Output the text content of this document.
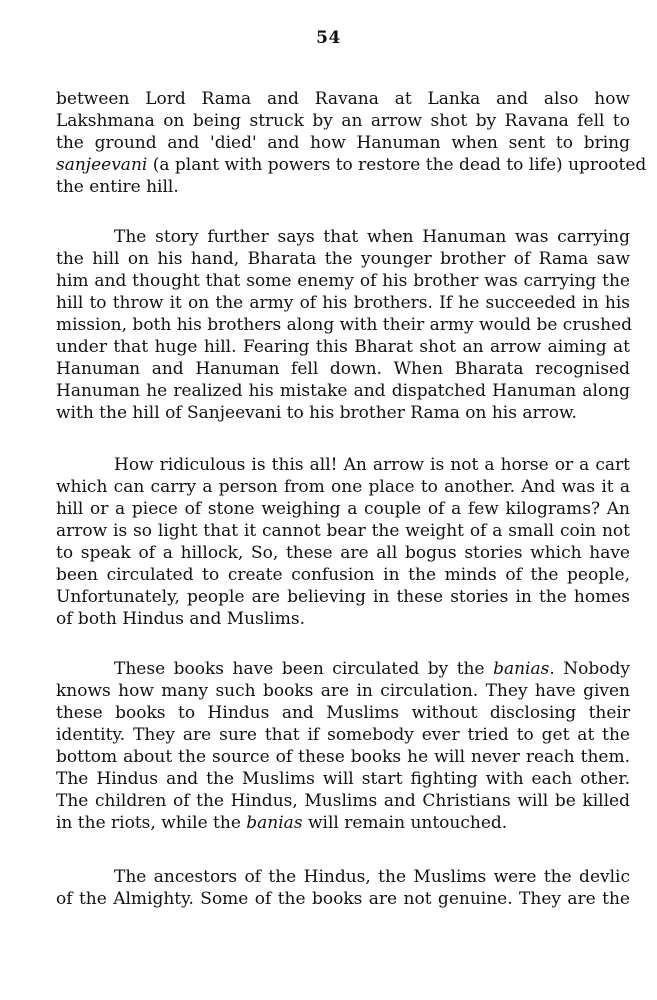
54
between Lord Rama and Ravana at Lanka and also how
Lakshmana on being struck by an arrow shot by Ravana fell to
the ground and 'died' and how Hanuman when sent to bring
sanjeevani (a plant with powers to restore the dead to life) uprooted
the entire hill.
The story further says that when Hanuman was carrying
the hill on his hand, Bharata the younger brother of Rama saw
him and thought that some enemy of his brother was carrying the
hill to throw it on the army of his brothers. If he succeeded in his
mission, both his brothers along with their army would be crushed
under that huge hill. Fearing this Bharat shot an arrow aiming at
Hanuman and Hanuman fell down. When Bharata recognised
Hanuman he realized his mistake and dispatched Hanuman along
with the hill of Sanjeevani to his brother Rama on his arrow.
How ridiculous is this all! An arrow is not a horse or a cart
which can carry a person from one place to another. And was it a
hill or a piece of stone weighing a couple of a few kilograms? An
arrow is so light that it cannot bear the weight of a small coin not
to speak of a hillock, So, these are all bogus stories which have
been circulated to create confusion in the minds of the people,
Unfortunately, people are believing in these stories in the homes
of both Hindus and Muslims.
These books have been circulated by the banias. Nobody
knows how many such books are in circulation. They have given
these books to Hindus and Muslims without disclosing their
identity. They are sure that if somebody ever tried to get at the
bottom about the source of these books he will never reach them.
The Hindus and the Muslims will start fighting with each other.
The children of the Hindus, Muslims and Christians will be killed
in the riots, while the banias will remain untouched.
The ancestors of the Hindus, the Muslims were the devlic
of the Almighty. Some of the books are not genuine. They are the
